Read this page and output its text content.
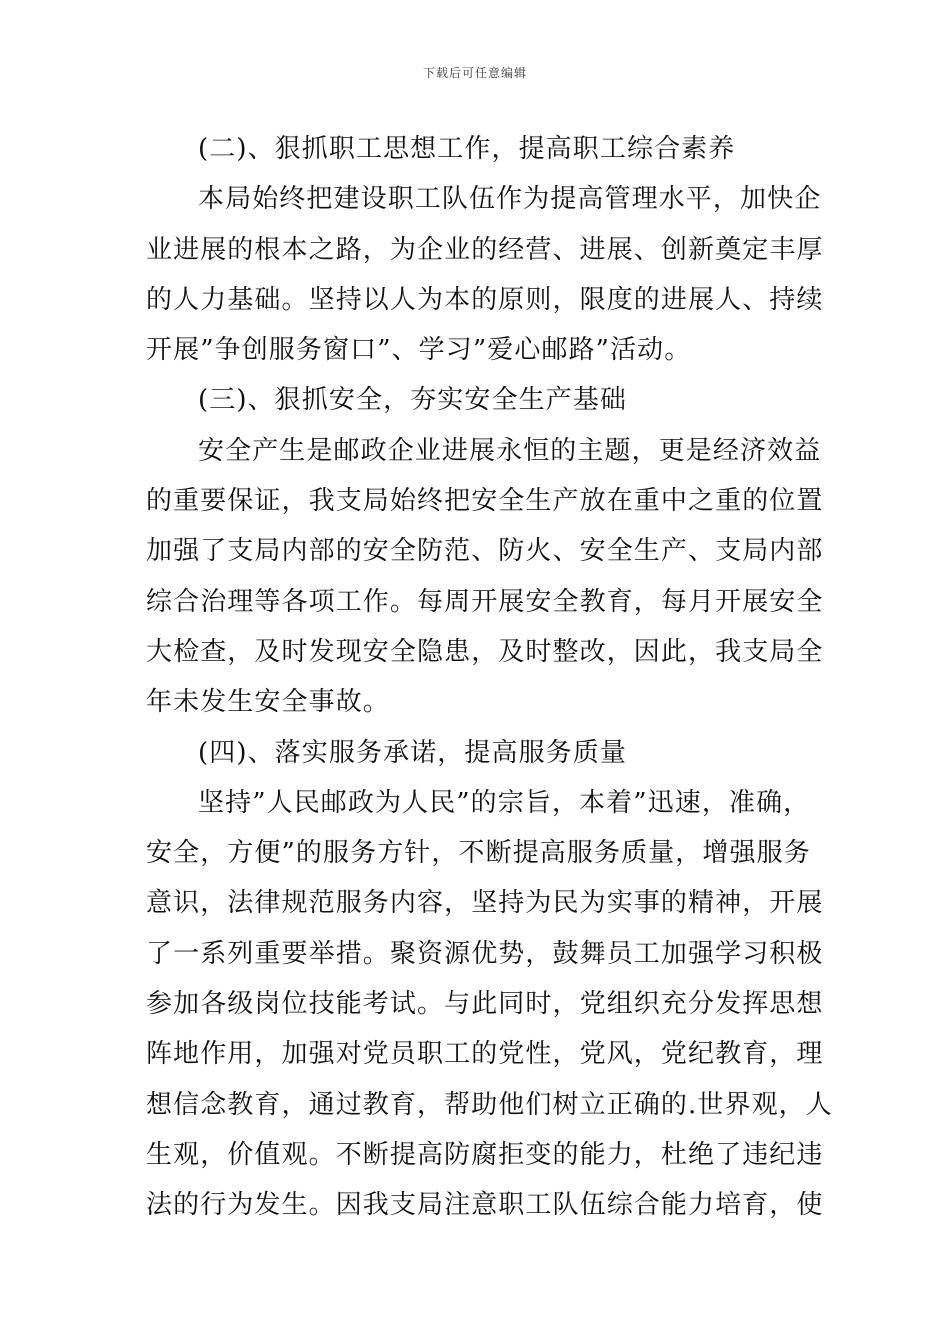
下载后可任意编辑
(二)、狠抓职工思想工作，提高职工综合素养
本局始终把建设职工队伍作为提高管理水平，加快企
业进展的根本之路，为企业的经营、进展、创新奠定丰厚
的人力基础。坚持以人为本的原则，限度的进展人、持续
开展”争创服务窗口”、学习”爱心邮路”活动。
(三)、狠抓安全，夯实安全生产基础
安全产生是邮政企业进展永恒的主题，更是经济效益
的重要保证，我支局始终把安全生产放在重中之重的位置
加强了支局内部的安全防范、防火、安全生产、支局内部
综合治理等各项工作。每周开展安全教育，每月开展安全
大检查，及时发现安全隐患，及时整改，因此，我支局全
年未发生安全事故。
(四)、落实服务承诺，提高服务质量
坚持”人民邮政为人民”的宗旨，本着”迅速，准确，
安全，方便”的服务方针，不断提高服务质量，增强服务
意识，法律规范服务内容，坚持为民为实事的精神，开展
了一系列重要举措。聚资源优势，鼓舞员工加强学习积极
参加各级岗位技能考试。与此同时，党组织充分发挥思想
阵地作用，加强对党员职工的党性，党风，党纪教育，理
想信念教育，通过教育，帮助他们树立正确的.世界观，人
生观，价值观。不断提高防腐拒变的能力，杜绝了违纪违
法的行为发生。因我支局注意职工队伍综合能力培育，使
